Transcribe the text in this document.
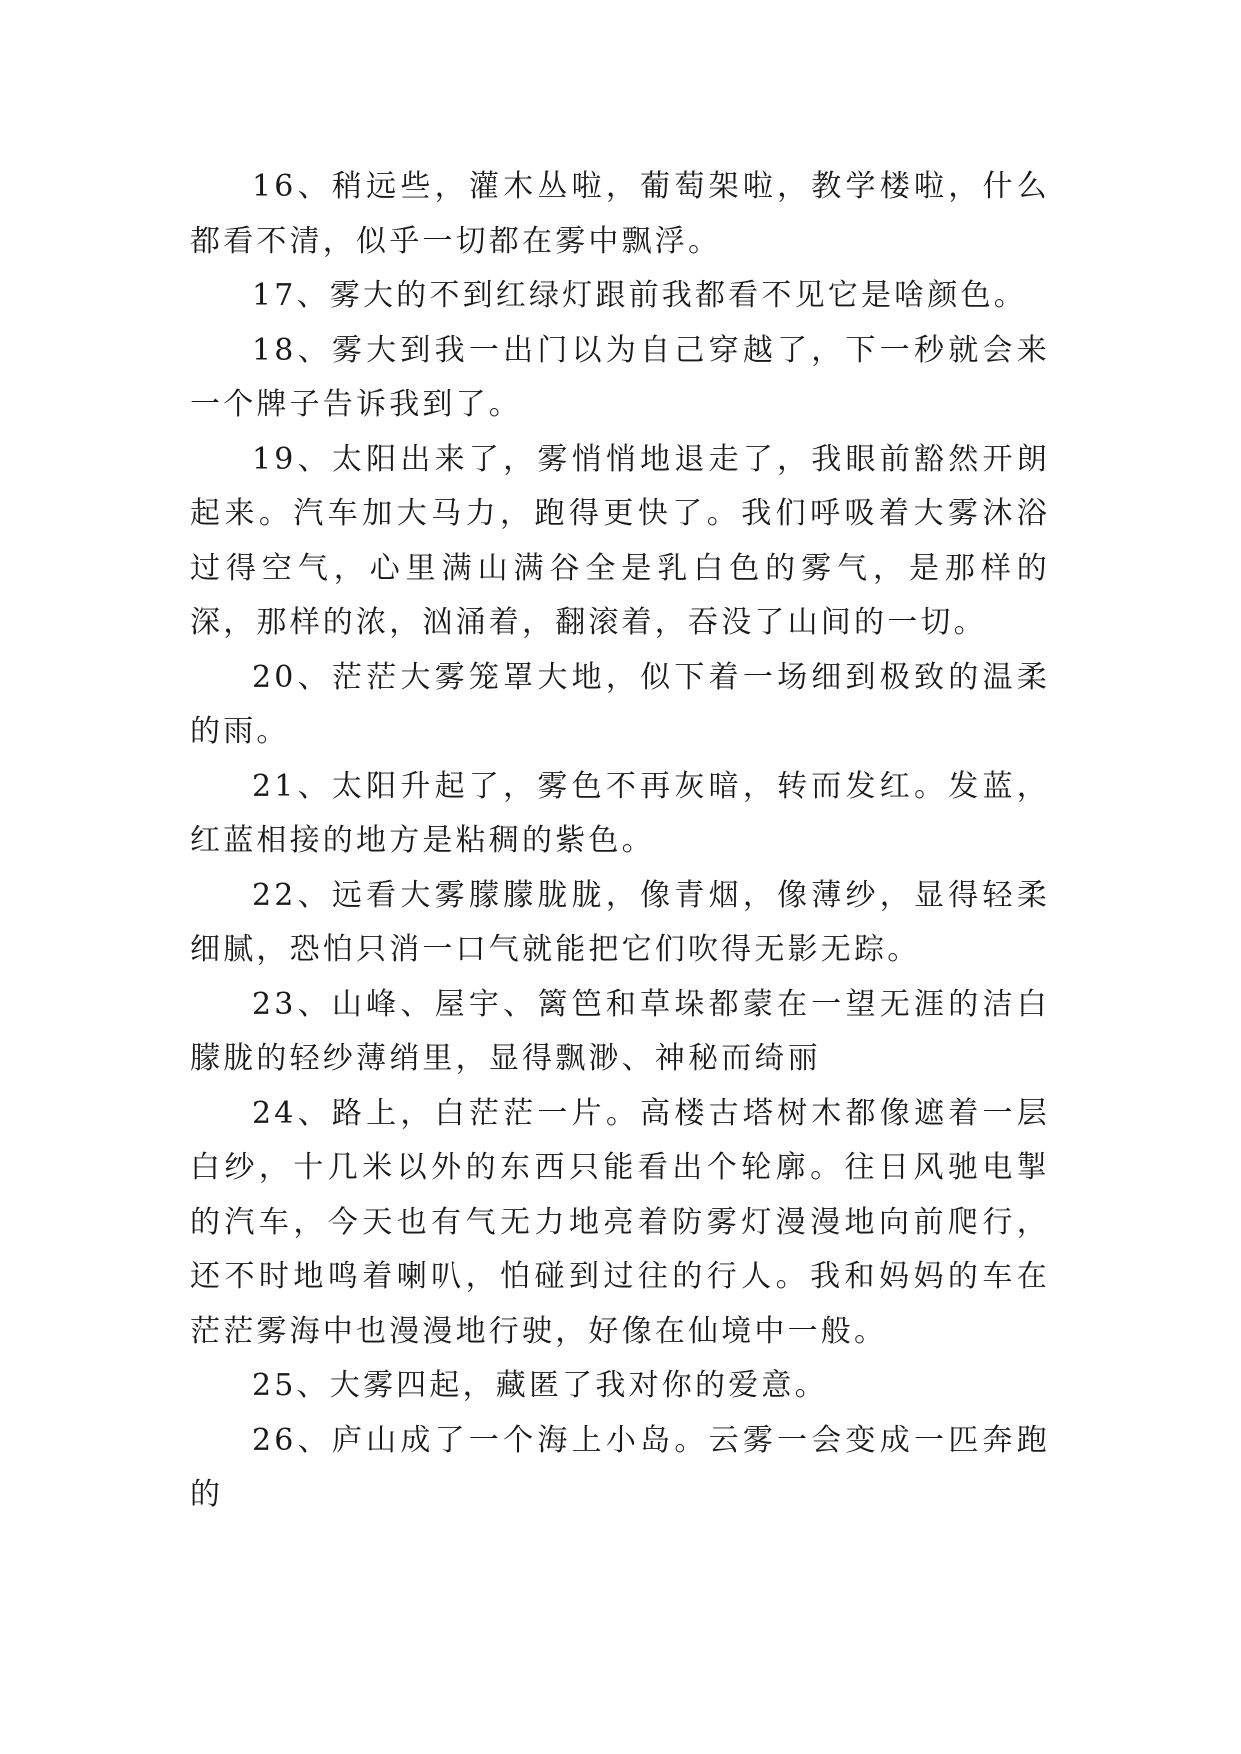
16、稍远些，灌木丛啦，葡萄架啦，教学楼啦，什么都看不清，似乎一切都在雾中飘浮。

17、雾大的不到红绿灯跟前我都看不见它是啥颜色。

18、雾大到我一出门以为自己穿越了，下一秒就会来一个牌子告诉我到了。

19、太阳出来了，雾悄悄地退走了，我眼前豁然开朗起来。汽车加大马力，跑得更快了。我们呼吸着大雾沐浴过得空气，心里满山满谷全是乳白色的雾气，是那样的深，那样的浓，汹涌着，翻滚着，吞没了山间的一切。

20、茫茫大雾笼罩大地，似下着一场细到极致的温柔的雨。

21、太阳升起了，雾色不再灰暗，转而发红。发蓝，红蓝相接的地方是粘稠的紫色。

22、远看大雾朦朦胧胧，像青烟，像薄纱，显得轻柔细腻，恐怕只消一口气就能把它们吹得无影无踪。

23、山峰、屋宇、篱笆和草垛都蒙在一望无涯的洁白朦胧的轻纱薄绡里，显得飘渺、神秘而绮丽

24、路上，白茫茫一片。高楼古塔树木都像遮着一层白纱，十几米以外的东西只能看出个轮廓。往日风驰电掣的汽车，今天也有气无力地亮着防雾灯漫漫地向前爬行，还不时地鸣着喇叭，怕碰到过往的行人。我和妈妈的车在茫茫雾海中也漫漫地行驶，好像在仙境中一般。

25、大雾四起，藏匿了我对你的爱意。

26、庐山成了一个海上小岛。云雾一会变成一匹奔跑的
